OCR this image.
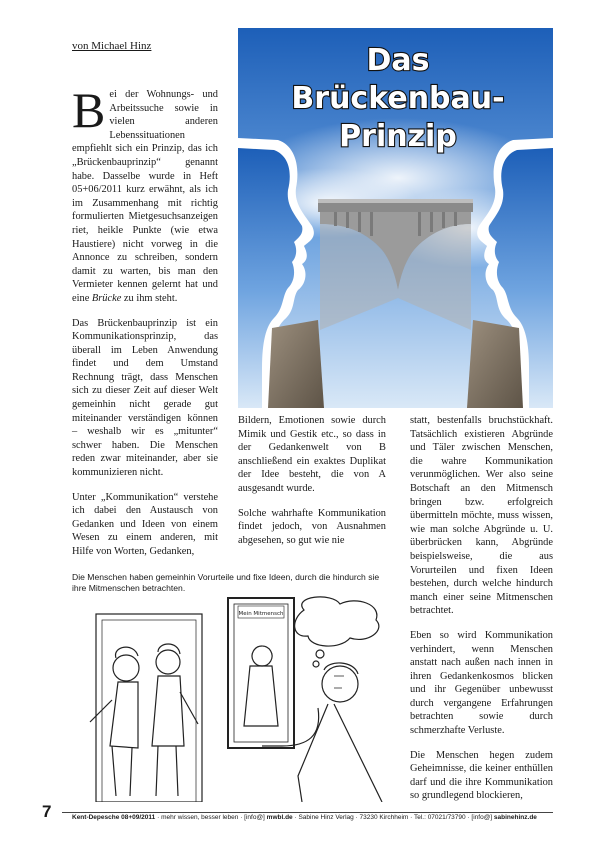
von Michael Hinz

Bei der Wohnungs- und Arbeitssuche sowie in vielen anderen Lebenssituationen empfiehlt sich ein Prinzip, das ich „Brückenbauprinzip“ genannt habe. Dasselbe wurde in Heft 05+06/2011 kurz erwähnt, als ich im Zusammenhang mit richtig formulierten Mietgesuchsanzeigen riet, heikle Punkte (wie etwa Haustiere) nicht vorweg in die Annonce zu schreiben, sondern damit zu warten, bis man den Vermieter kennen gelernt hat und eine Brücke zu ihm steht.

Das Brückenbauprinzip ist ein Kommunikationsprinzip, das überall im Leben Anwendung findet und dem Umstand Rechnung trägt, dass Menschen sich zu dieser Zeit auf dieser Welt gemeinhin nicht gerade gut miteinander verständigen können – weshalb wir es „mitunter“ schwer haben. Die Menschen reden zwar miteinander, aber sie kommunizieren nicht.

Unter „Kommunikation“ verstehe ich dabei den Austausch von Gedanken und Ideen von einem Wesen zu einem anderen, mit Hilfe von Worten, Gedanken,

Das
Brückenbau-
Prinzip

Bildern, Emotionen sowie durch Mimik und Gestik etc., so dass in der Gedankenwelt von B anschließend ein exaktes Duplikat der Idee besteht, die von A ausgesandt wurde.

Solche wahrhafte Kommunikation findet jedoch, von Ausnahmen abgesehen, so gut wie nie

statt, bestenfalls bruchstückhaft. Tatsächlich existieren Abgründe und Täler zwischen Menschen, die wahre Kommunikation verunmöglichen. Wer also seine Botschaft an den Mitmensch bringen bzw. erfolgreich übermitteln möchte, muss wissen, wie man solche Abgründe u. U. überbrücken kann, Abgründe beispielsweise, die aus Vorurteilen und fixen Ideen bestehen, durch welche hindurch manch einer seine Mitmenschen betrachtet.

Eben so wird Kommunikation verhindert, wenn Menschen anstatt nach außen nach innen in ihren Gedankenkosmos blicken und ihr Gegenüber unbewusst durch vergangene Erfahrungen betrachten sowie durch schmerzhafte Verluste.

Die Menschen hegen zudem Geheimnisse, die keiner enthüllen darf und die ihre Kommunikation so grundlegend blockieren,

Die Menschen haben gemeinhin Vorurteile und fixe Ideen, durch die hindurch sie ihre Mitmenschen betrachten.
Mein Mitmensch
7	Kent-Depesche 08+09/2011 · mehr wissen, besser leben · [info@] mwbl.de · Sabine Hinz Verlag · 73230 Kirchheim · Tel.: 07021/73790 · [info@] sabinehinz.de
